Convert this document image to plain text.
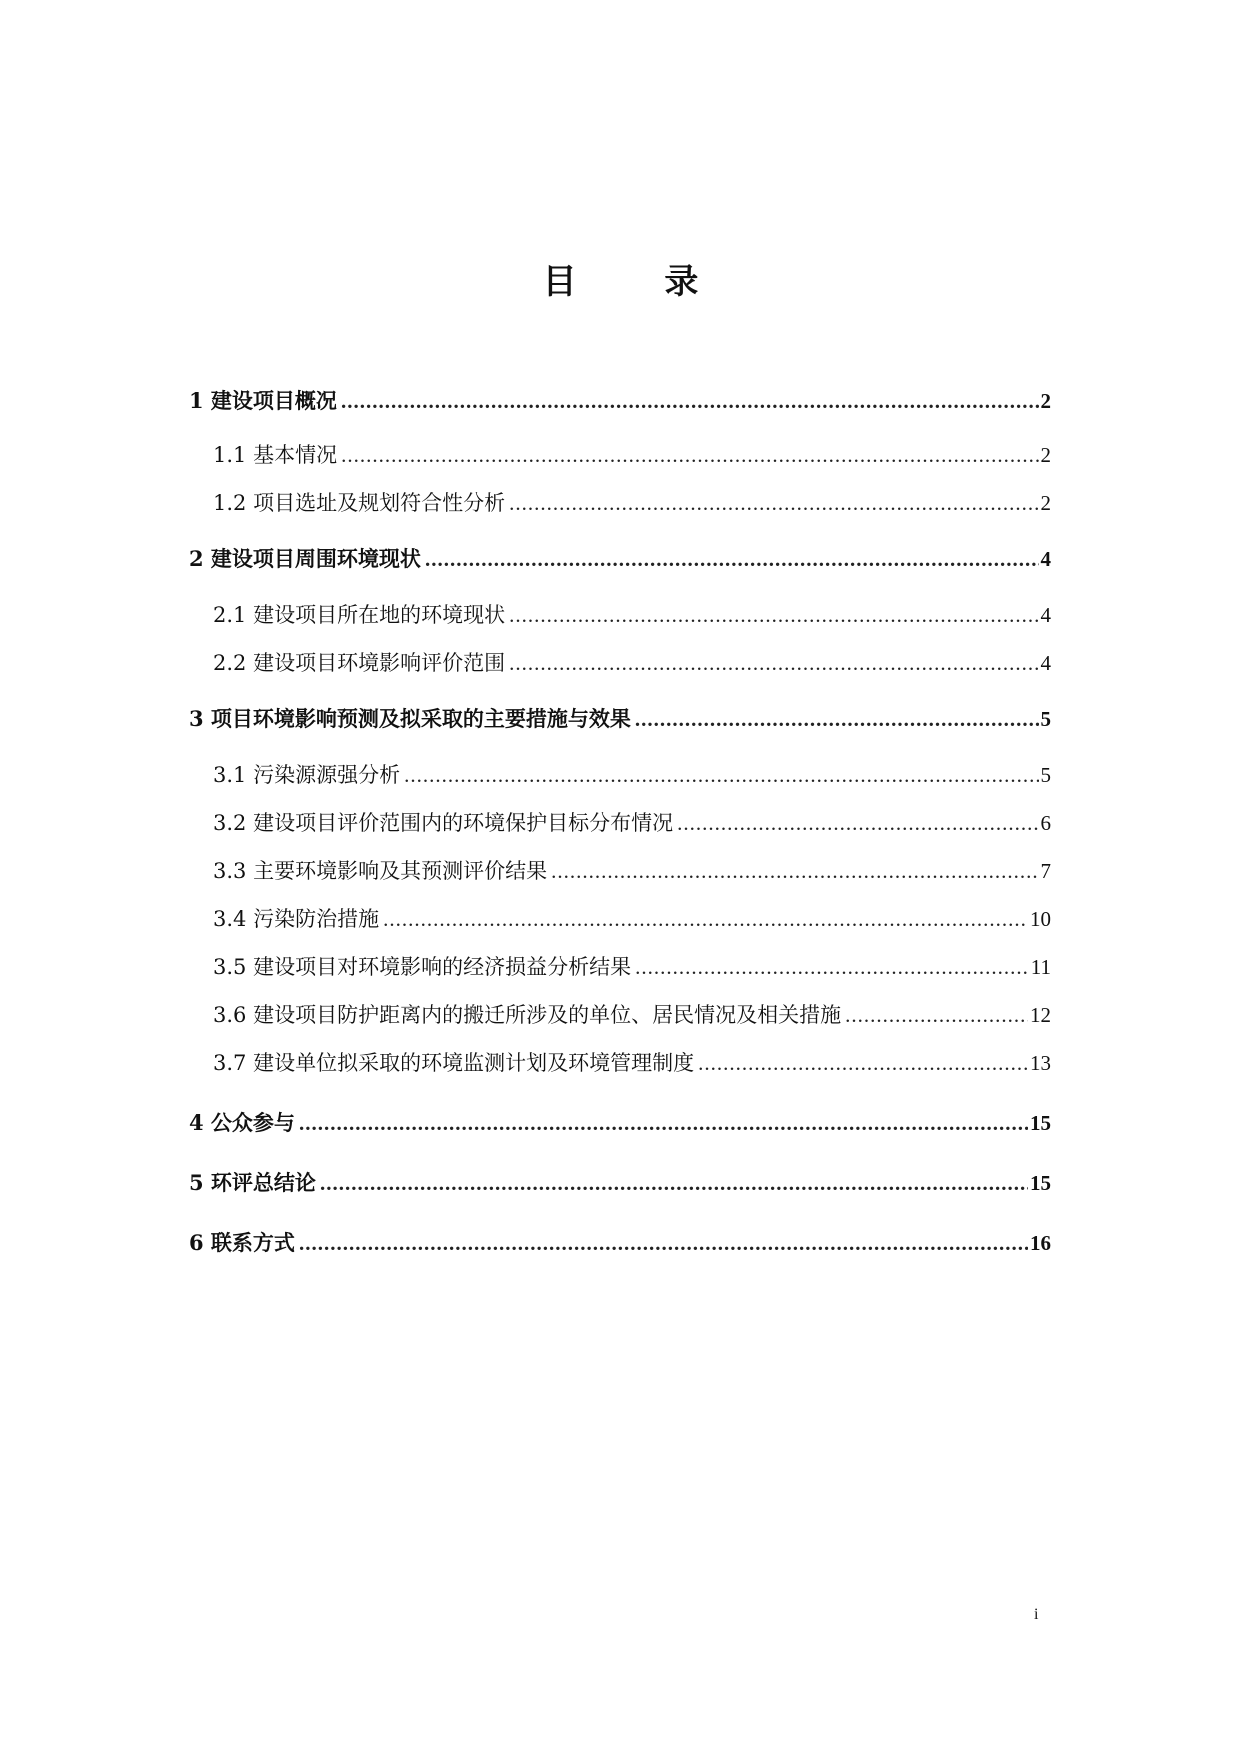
目 录
1 建设项目概况 .....	2
1.1 基本情况 .....	2
1.2 项目选址及规划符合性分析 .....	2
2 建设项目周围环境现状 .....	4
2.1 建设项目所在地的环境现状 .....	4
2.2 建设项目环境影响评价范围 .....	4
3 项目环境影响预测及拟采取的主要措施与效果 .....	5
3.1 污染源源强分析 .....	5
3.2 建设项目评价范围内的环境保护目标分布情况 .....	6
3.3 主要环境影响及其预测评价结果 .....	7
3.4 污染防治措施 .....	10
3.5 建设项目对环境影响的经济损益分析结果 .....	11
3.6 建设项目防护距离内的搬迁所涉及的单位、居民情况及相关措施 .....	12
3.7 建设单位拟采取的环境监测计划及环境管理制度 .....	13
4 公众参与 .....	15
5 环评总结论 .....	15
6 联系方式 .....	16
i
